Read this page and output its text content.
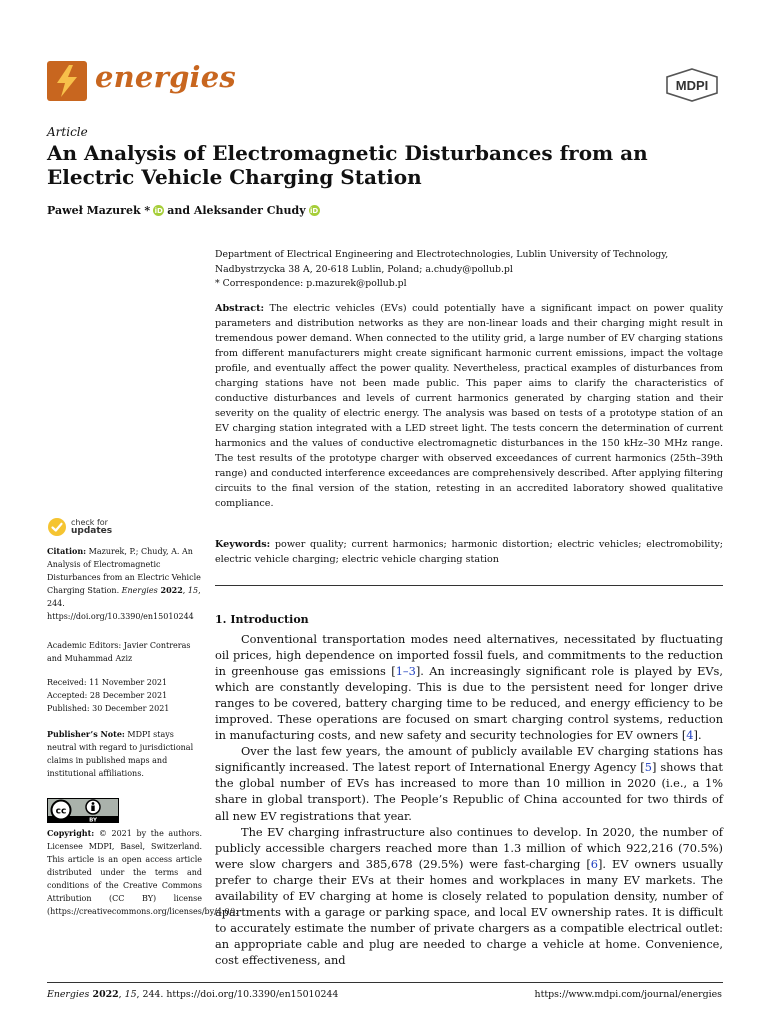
energies	MDPI
Article
An Analysis of Electromagnetic Disturbances from an Electric Vehicle Charging Station
Paweł Mazurek * iD and Aleksander Chudy iD
Department of Electrical Engineering and Electrotechnologies, Lublin University of Technology,
Nadbystrzycka 38 A, 20-618 Lublin, Poland; a.chudy@pollub.pl
* Correspondence: p.mazurek@pollub.pl
Abstract: The electric vehicles (EVs) could potentially have a significant impact on power quality parameters and distribution networks as they are non-linear loads and their charging might result in tremendous power demand. When connected to the utility grid, a large number of EV charging stations from different manufacturers might create significant harmonic current emissions, impact the voltage profile, and eventually affect the power quality. Nevertheless, practical examples of disturbances from charging stations have not been made public. This paper aims to clarify the characteristics of conductive disturbances and levels of current harmonics generated by charging station and their severity on the quality of electric energy. The analysis was based on tests of a prototype station of an EV charging station integrated with a LED street light. The tests concern the determination of current harmonics and the values of conductive electromagnetic disturbances in the 150 kHz–30 MHz range. The test results of the prototype charger with observed exceedances of current harmonics (25th–39th range) and conducted interference exceedances are comprehensively described. After applying filtering circuits to the final version of the station, retesting in an accredited laboratory showed qualitative compliance.
Keywords: power quality; current harmonics; harmonic distortion; electric vehicles; electromobility; electric vehicle charging; electric vehicle charging station
1. Introduction

Conventional transportation modes need alternatives, necessitated by fluctuating oil prices, high dependence on imported fossil fuels, and commitments to the reduction in greenhouse gas emissions [1–3]. An increasingly significant role is played by EVs, which are constantly developing. This is due to the persistent need for longer drive ranges to be covered, battery charging time to be reduced, and energy efficiency to be improved. These operations are focused on smart charging control systems, reduction in manufacturing costs, and new safety and security technologies for EV owners [4].

Over the last few years, the amount of publicly available EV charging stations has significantly increased. The latest report of International Energy Agency [5] shows that the global number of EVs has increased to more than 10 million in 2020 (i.e., a 1% share in global transport). The People’s Republic of China accounted for two thirds of all new EV registrations that year.

The EV charging infrastructure also continues to develop. In 2020, the number of publicly accessible chargers reached more than 1.3 million of which 922,216 (70.5%) were slow chargers and 385,678 (29.5%) were fast-charging [6]. EV owners usually prefer to charge their EVs at their homes and workplaces in many EV markets. The availability of EV charging at home is closely related to population density, number of apartments with a garage or parking space, and local EV ownership rates. It is difficult to accurately estimate the number of private chargers as a compatible electrical outlet: an appropriate cable and plug are needed to charge a vehicle at home. Convenience, cost effectiveness, and

check for
updates
Citation: Mazurek, P.; Chudy, A. An Analysis of Electromagnetic Disturbances from an Electric Vehicle Charging Station. Energies 2022, 15, 244. https://doi.org/10.3390/en15010244
Academic Editors: Javier Contreras and Muhammad Aziz
Received: 11 November 2021
Accepted: 28 December 2021
Published: 30 December 2021
Publisher’s Note: MDPI stays neutral with regard to jurisdictional claims in published maps and institutional affiliations.
cc
BY
Copyright: © 2021 by the authors. Licensee MDPI, Basel, Switzerland. This article is an open access article distributed under the terms and conditions of the Creative Commons Attribution (CC BY) license (https://creativecommons.org/licenses/by/4.0/).
Energies 2022, 15, 244. https://doi.org/10.3390/en15010244	https://www.mdpi.com/journal/energies
